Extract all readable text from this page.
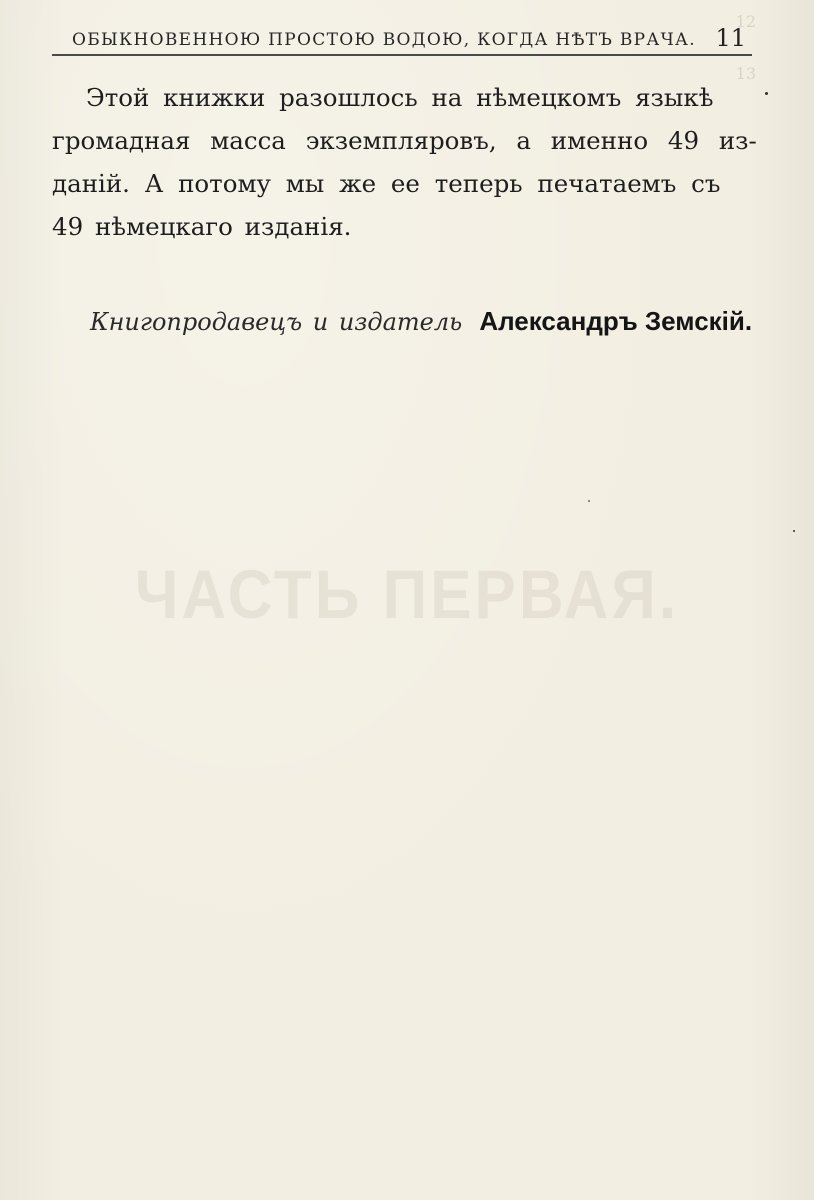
12
13
ОБЫКНОВЕННОЮ ПРОСТОЮ ВОДОЮ, КОГДА НѢТЪ ВРАЧА. 11
Этой книжки разошлось на нѣмецкомъ языкѣ
громадная масса экземпляровъ, а именно 49 из-
даній. А потому мы же ее теперь печатаемъ съ
49 нѣмецкаго изданія.
Книгопродавецъ и издатель Александръ Земскій.
ЧАСТЬ ПЕРВАЯ.
